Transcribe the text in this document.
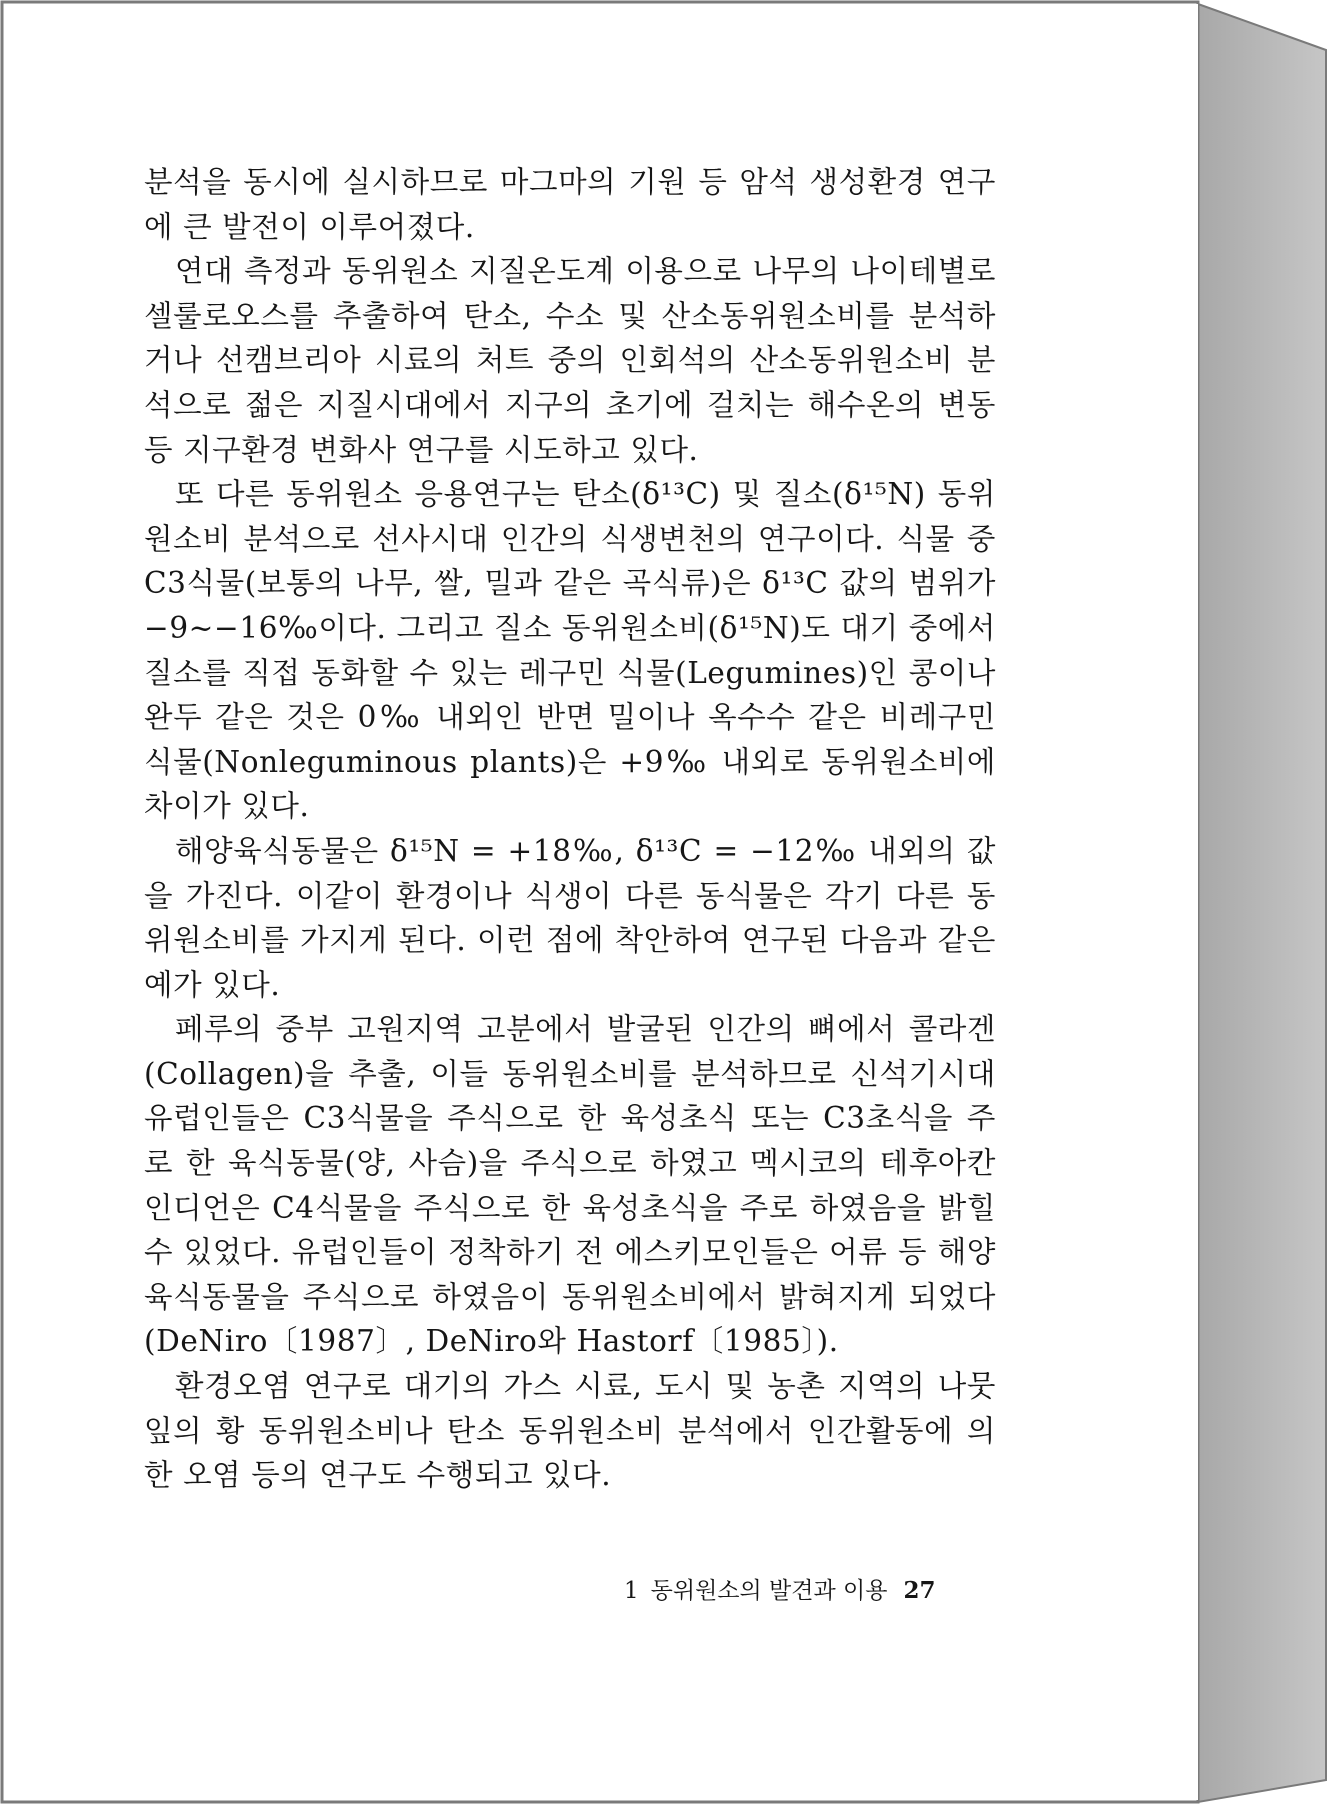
분석을 동시에 실시하므로 마그마의 기원 등 암석 생성환경 연구에 큰 발전이 이루어졌다.

연대 측정과 동위원소 지질온도계 이용으로 나무의 나이테별로 셀룰로오스를 추출하여 탄소, 수소 및 산소동위원소비를 분석하거나 선캠브리아 시료의 처트 중의 인회석의 산소동위원소비 분석으로 젊은 지질시대에서 지구의 초기에 걸치는 해수온의 변동 등 지구환경 변화사 연구를 시도하고 있다.

또 다른 동위원소 응용연구는 탄소(δ¹³C) 및 질소(δ¹⁵N) 동위원소비 분석으로 선사시대 인간의 식생변천의 연구이다. 식물 중 C3식물(보통의 나무, 쌀, 밀과 같은 곡식류)은 δ¹³C 값의 범위가 −9∼−16‰이다. 그리고 질소 동위원소비(δ¹⁵N)도 대기 중에서 질소를 직접 동화할 수 있는 레구민 식물(Legumines)인 콩이나 완두 같은 것은 0‰ 내외인 반면 밀이나 옥수수 같은 비레구민 식물(Nonleguminous plants)은 +9‰ 내외로 동위원소비에 차이가 있다.

해양육식동물은 δ¹⁵N = +18‰, δ¹³C = −12‰ 내외의 값을 가진다. 이같이 환경이나 식생이 다른 동식물은 각기 다른 동위원소비를 가지게 된다. 이런 점에 착안하여 연구된 다음과 같은 예가 있다.

페루의 중부 고원지역 고분에서 발굴된 인간의 뼈에서 콜라겐(Collagen)을 추출, 이들 동위원소비를 분석하므로 신석기시대 유럽인들은 C3식물을 주식으로 한 육성초식 또는 C3초식을 주로 한 육식동물(양, 사슴)을 주식으로 하였고 멕시코의 테후아칸 인디언은 C4식물을 주식으로 한 육성초식을 주로 하였음을 밝힐 수 있었다. 유럽인들이 정착하기 전 에스키모인들은 어류 등 해양 육식동물을 주식으로 하였음이 동위원소비에서 밝혀지게 되었다(DeNiro〔1987〕, DeNiro와 Hastorf〔1985〕).

환경오염 연구로 대기의 가스 시료, 도시 및 농촌 지역의 나뭇잎의 황 동위원소비나 탄소 동위원소비 분석에서 인간활동에 의한 오염 등의 연구도 수행되고 있다.

1 동위원소의 발견과 이용 27
